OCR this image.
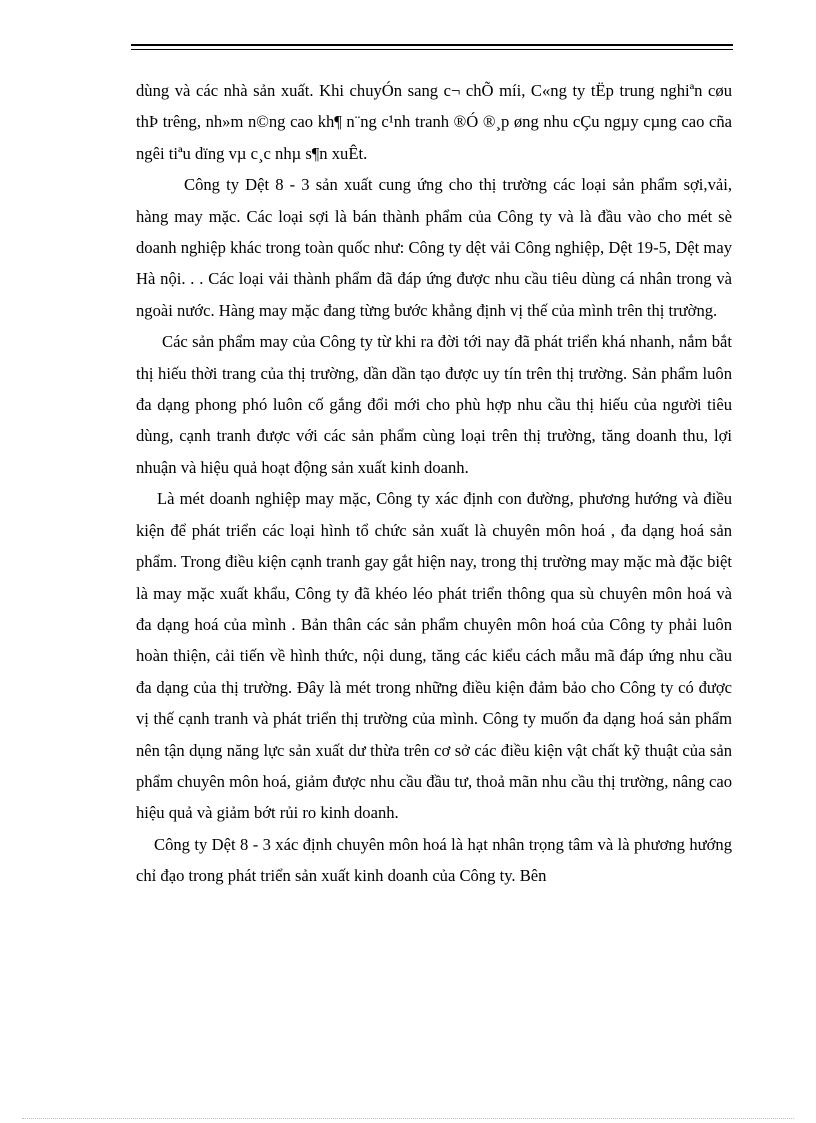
dùng và các nhà sản xuất. Khi chuyÓn sang c¬ chÕ míi, C«ng ty tËp trung nghiªn cøu thÞ trêng, nh»m n©ng cao kh¶ n¨ng c¹nh tranh ®Ó ®¸p øng nhu cÇu ngµy cµng cao cña ngêi tiªu dïng vµ c¸c nhµ s¶n xuÊt.

Công ty Dệt 8 - 3 sản xuất cung ứng cho thị trường các loại sản phẩm sợi,vải, hàng may mặc. Các loại sợi là bán thành phẩm của Công ty và là đầu vào cho mét sè doanh nghiệp khác trong toàn quốc như: Công ty dệt vải Công nghiệp, Dệt 19-5, Dệt may Hà nội. . . Các loại vải thành phẩm đã đáp ứng được nhu cầu tiêu dùng cá nhân trong và ngoài nước. Hàng may mặc đang từng bước khẳng định vị thế của mình trên thị trường.

Các sản phẩm may của Công ty từ khi ra đời tới nay đã phát triển khá nhanh, nắm bắt thị hiếu thời trang của thị trường, dần dần tạo được uy tín trên thị trường. Sản phẩm luôn đa dạng phong phó luôn cố gắng đổi mới cho phù hợp nhu cầu thị hiếu của người tiêu dùng, cạnh tranh được với các sản phẩm cùng loại trên thị trường, tăng doanh thu, lợi nhuận và hiệu quả hoạt động sản xuất kinh doanh.

Là mét doanh nghiệp may mặc, Công ty xác định con đường, phương hướng và điều kiện để phát triển các loại hình tổ chức sản xuất là chuyên môn hoá , đa dạng hoá sản phẩm. Trong điều kiện cạnh tranh gay gắt hiện nay, trong thị trường may mặc mà đặc biệt là may mặc xuất khẩu, Công ty đã khéo léo phát triển thông qua sù chuyên môn hoá và đa dạng hoá của mình . Bản thân các sản phẩm chuyên môn hoá của Công ty phải luôn hoàn thiện, cải tiến về hình thức, nội dung, tăng các kiểu cách mẫu mã đáp ứng nhu cầu đa dạng của thị trường. Đây là mét trong những điều kiện đảm bảo cho Công ty có được vị thế cạnh tranh và phát triển thị trường của mình. Công ty muốn đa dạng hoá sản phẩm nên tận dụng năng lực sản xuất dư thừa trên cơ sở các điều kiện vật chất kỹ thuật của sản phẩm chuyên môn hoá, giảm được nhu cầu đầu tư, thoả mãn nhu cầu thị trường, nâng cao hiệu quả và giảm bớt rủi ro kinh doanh.

Công ty Dệt 8 - 3 xác định chuyên môn hoá là hạt nhân trọng tâm và là phương hướng chỉ đạo trong phát triển sản xuất kinh doanh của Công ty. Bên
